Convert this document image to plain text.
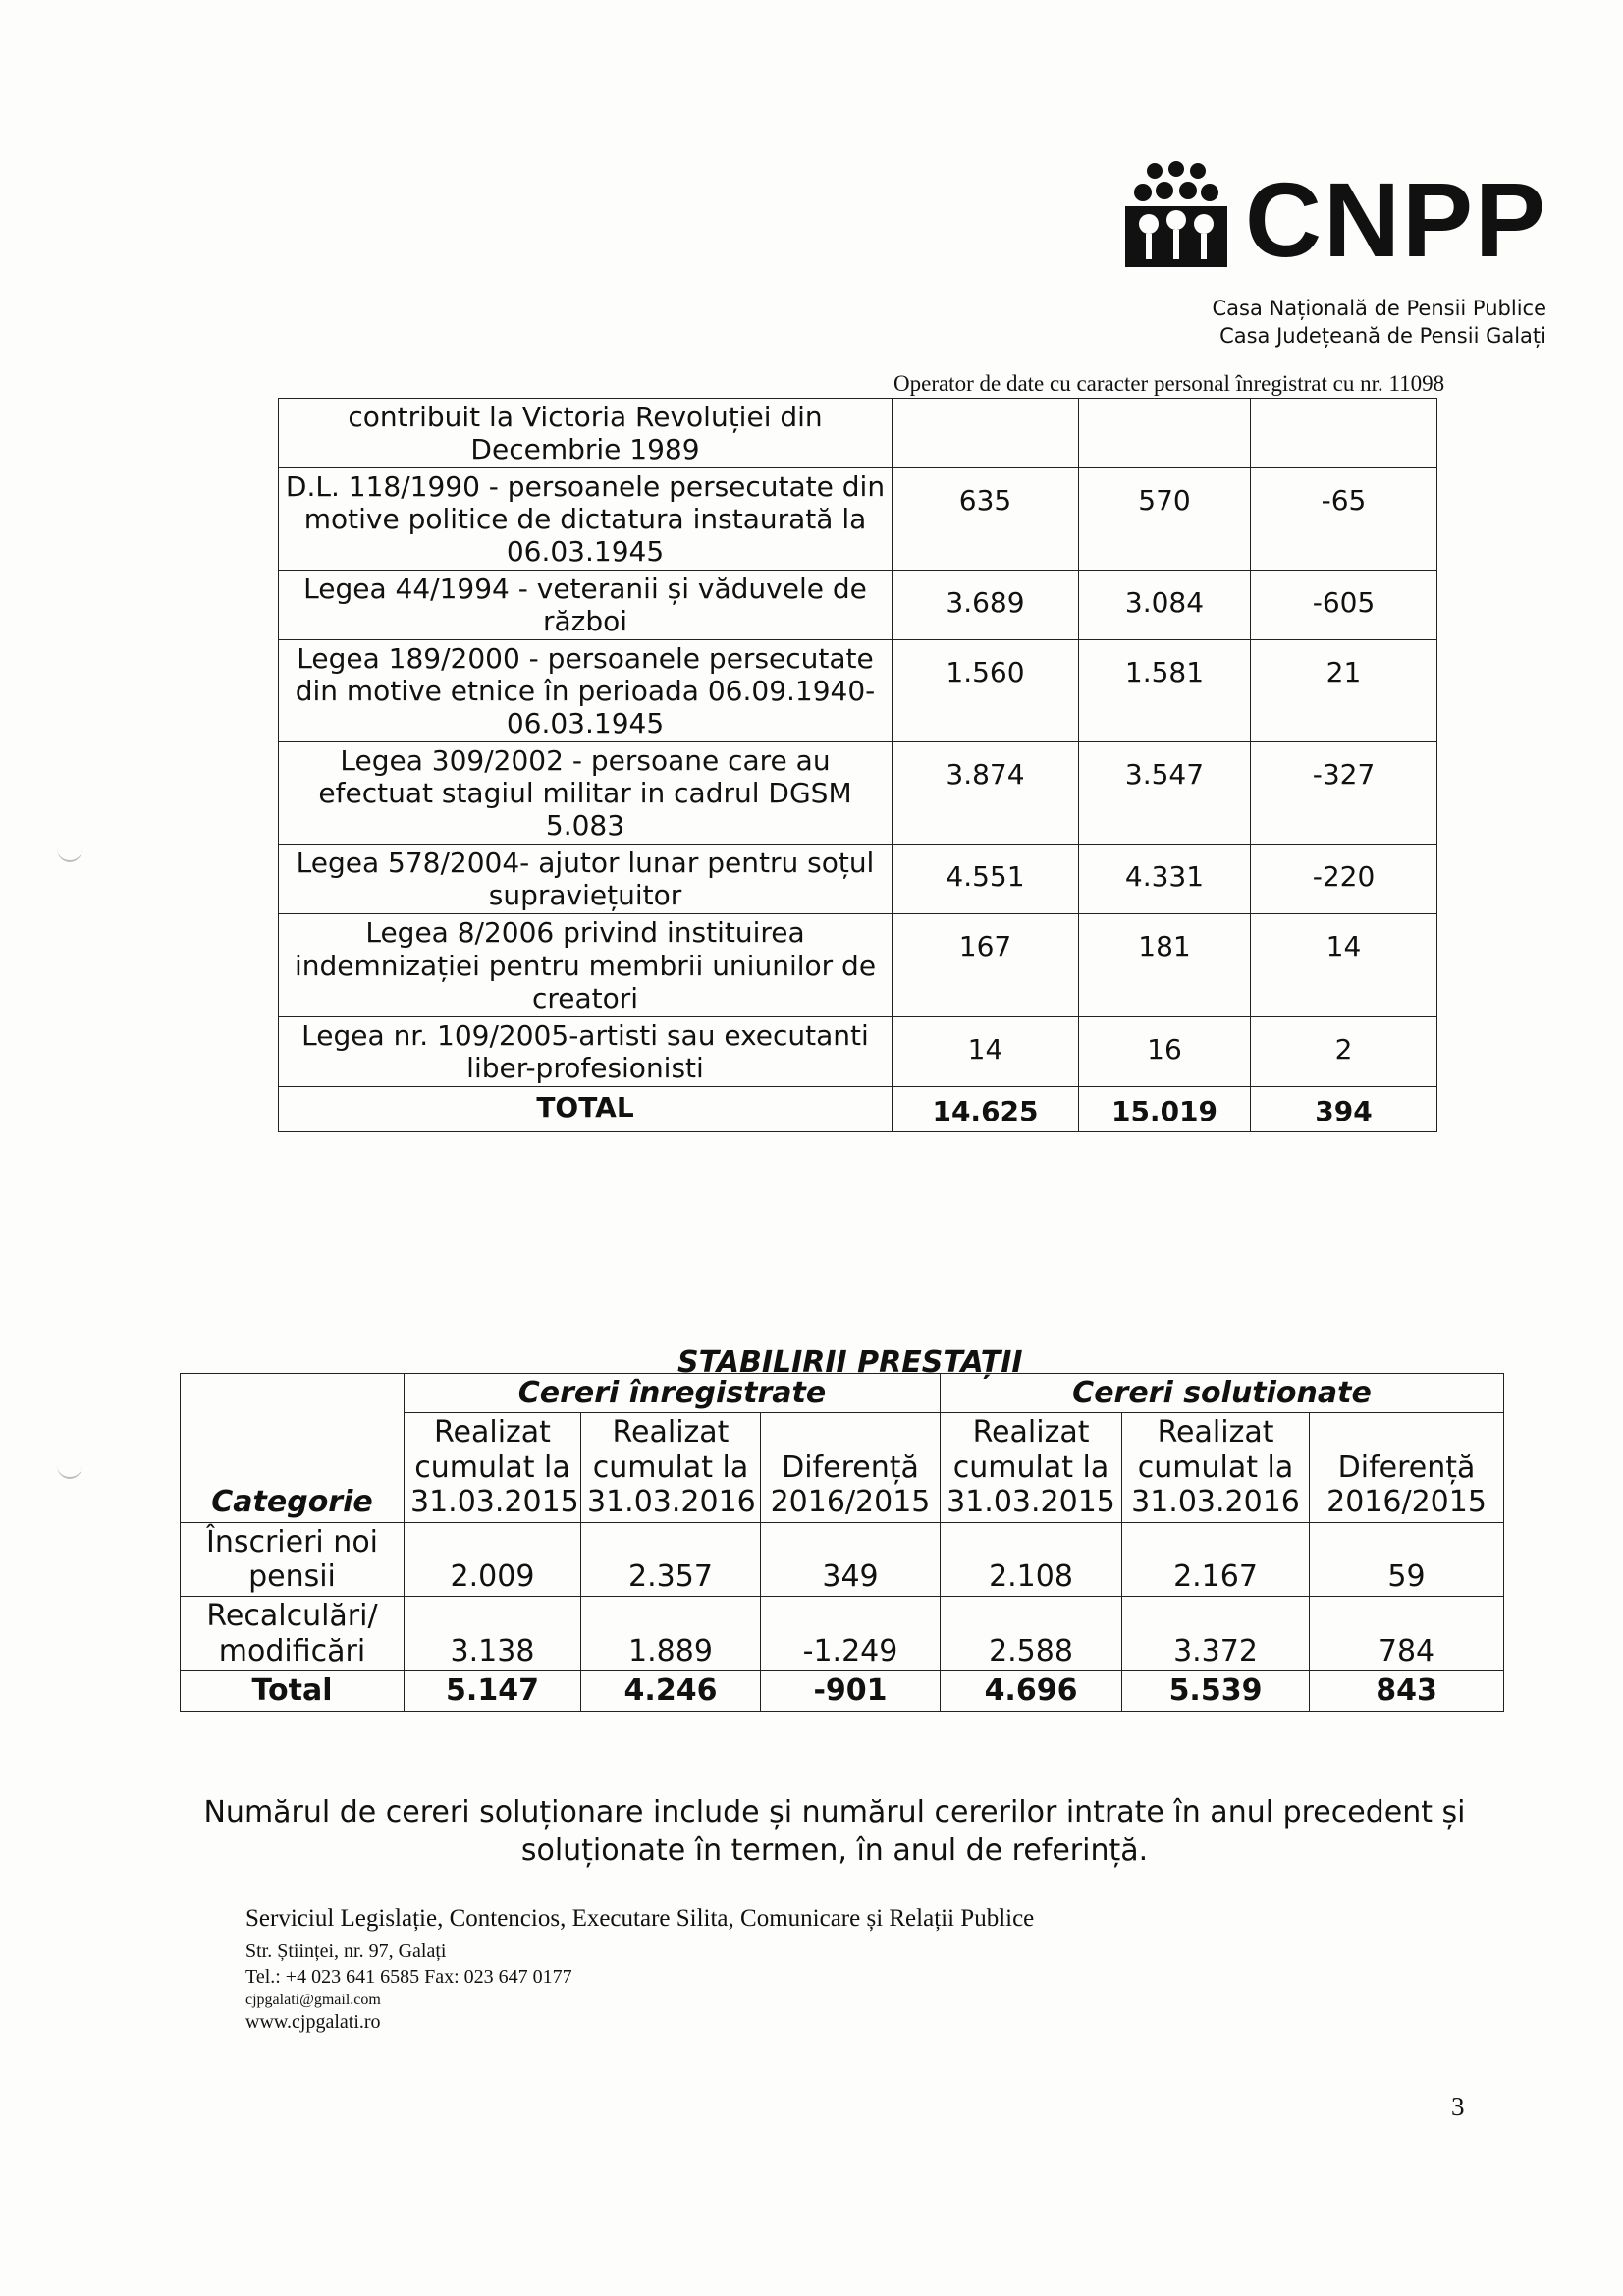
CNPP
Casa Națională de Pensii Publice
Casa Județeană de Pensii Galați
Operator de date cu caracter personal înregistrat cu nr. 11098
contribuit la Victoria Revoluției din Decembrie 1989			
D.L. 118/1990 - persoanele persecutate din motive politice de dictatura instaurată la 06.03.1945	635	570	-65
Legea 44/1994 - veteranii și văduvele de război	3.689	3.084	-605
Legea 189/2000 - persoanele persecutate din motive etnice în perioada 06.09.1940-06.03.1945	1.560	1.581	21
Legea 309/2002 - persoane care au efectuat stagiul militar in cadrul DGSM 5.083	3.874	3.547	-327
Legea 578/2004- ajutor lunar pentru soțul supraviețuitor	4.551	4.331	-220
Legea 8/2006 privind instituirea indemnizației pentru membrii uniunilor de creatori	167	181	14
Legea nr. 109/2005-artisti sau executanti liber-profesionisti	14	16	2
TOTAL	14.625	15.019	394
STABILIRII PRESTAȚII
Categorie	Cereri înregistrate			Cereri solutionate		
	Realizat cumulat la 31.03.2015	Realizat cumulat la 31.03.2016	Diferență 2016/2015	Realizat cumulat la 31.03.2015	Realizat cumulat la 31.03.2016	Diferență 2016/2015
Înscrieri noi pensii	2.009	2.357	349	2.108	2.167	59
Recalculări/ modificări	3.138	1.889	-1.249	2.588	3.372	784
Total	5.147	4.246	-901	4.696	5.539	843
Numărul de cereri soluționare include și numărul cererilor intrate în anul precedent și soluționate în termen, în anul de referință.
Serviciul Legislație, Contencios, Executare Silita, Comunicare și Relații Publice
Str. Științei, nr. 97, Galați
Tel.: +4 023 641 6585 Fax: 023 647 0177
cjpgalati@gmail.com
www.cjpgalati.ro
3
